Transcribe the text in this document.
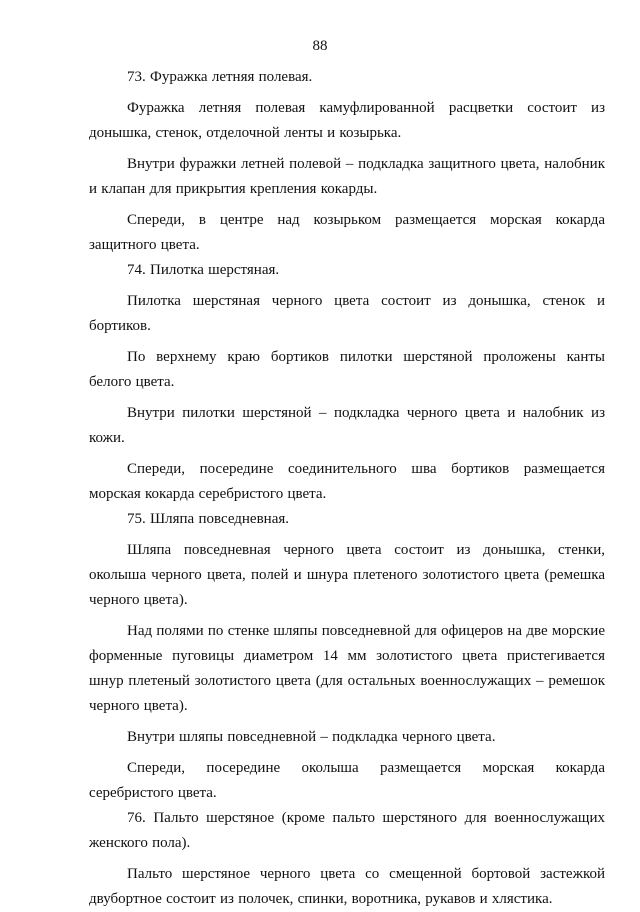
88

73. Фуражка летняя полевая.

Фуражка летняя полевая камуфлированной расцветки состоит из донышка, стенок, отделочной ленты и козырька.

Внутри фуражки летней полевой – подкладка защитного цвета, налобник и клапан для прикрытия крепления кокарды.

Спереди, в центре над козырьком размещается морская кокарда защитного цвета.

74. Пилотка шерстяная.

Пилотка шерстяная черного цвета состоит из донышка, стенок и бортиков.

По верхнему краю бортиков пилотки шерстяной проложены канты белого цвета.

Внутри пилотки шерстяной – подкладка черного цвета и налобник из кожи.

Спереди, посередине соединительного шва бортиков размещается морская кокарда серебристого цвета.

75. Шляпа повседневная.

Шляпа повседневная черного цвета состоит из донышка, стенки, околыша черного цвета, полей и шнура плетеного золотистого цвета (ремешка черного цвета).

Над полями по стенке шляпы повседневной для офицеров на две морские форменные пуговицы диаметром 14 мм золотистого цвета пристегивается шнур плетеный золотистого цвета (для остальных военнослужащих – ремешок черного цвета).

Внутри шляпы повседневной – подкладка черного цвета.

Спереди, посередине околыша размещается морская кокарда серебристого цвета.

76. Пальто шерстяное (кроме пальто шерстяного для военнослужащих женского пола).

Пальто шерстяное черного цвета со смещенной бортовой застежкой двубортное состоит из полочек, спинки, воротника, рукавов и хлястика.
